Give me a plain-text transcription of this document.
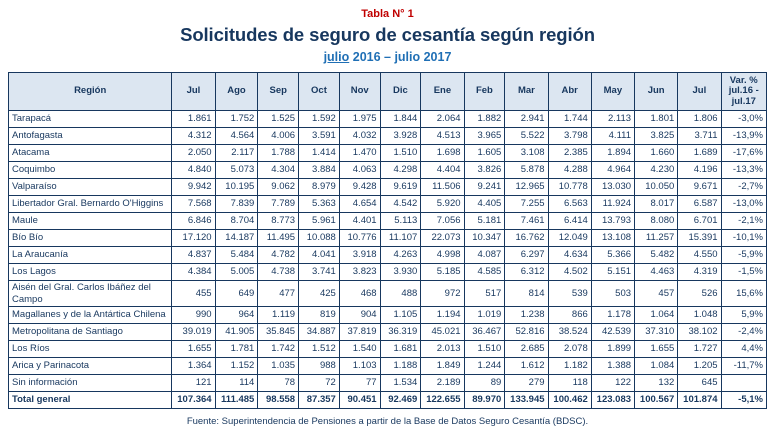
Tabla N° 1
Solicitudes de seguro de cesantía según región
julio 2016 – julio 2017
Región	Jul	Ago	Sep	Oct	Nov	Dic	Ene	Feb	Mar	Abr	May	Jun	Jul	Var. %
jul.16 -
jul.17
Tarapacá	1.861	1.752	1.525	1.592	1.975	1.844	2.064	1.882	2.941	1.744	2.113	1.801	1.806	-3,0%
Antofagasta	4.312	4.564	4.006	3.591	4.032	3.928	4.513	3.965	5.522	3.798	4.111	3.825	3.711	-13,9%
Atacama	2.050	2.117	1.788	1.414	1.470	1.510	1.698	1.605	3.108	2.385	1.894	1.660	1.689	-17,6%
Coquimbo	4.840	5.073	4.304	3.884	4.063	4.298	4.404	3.826	5.878	4.288	4.964	4.230	4.196	-13,3%
Valparaíso	9.942	10.195	9.062	8.979	9.428	9.619	11.506	9.241	12.965	10.778	13.030	10.050	9.671	-2,7%
Libertador Gral. Bernardo O'Higgins	7.568	7.839	7.789	5.363	4.654	4.542	5.920	4.405	7.255	6.563	11.924	8.017	6.587	-13,0%
Maule	6.846	8.704	8.773	5.961	4.401	5.113	7.056	5.181	7.461	6.414	13.793	8.080	6.701	-2,1%
Bío Bío	17.120	14.187	11.495	10.088	10.776	11.107	22.073	10.347	16.762	12.049	13.108	11.257	15.391	-10,1%
La Araucanía	4.837	5.484	4.782	4.041	3.918	4.263	4.998	4.087	6.297	4.634	5.366	5.482	4.550	-5,9%
Los Lagos	4.384	5.005	4.738	3.741	3.823	3.930	5.185	4.585	6.312	4.502	5.151	4.463	4.319	-1,5%
Aisén del Gral. Carlos Ibáñez del Campo	455	649	477	425	468	488	972	517	814	539	503	457	526	15,6%
Magallanes y de la Antártica Chilena	990	964	1.119	819	904	1.105	1.194	1.019	1.238	866	1.178	1.064	1.048	5,9%
Metropolitana de Santiago	39.019	41.905	35.845	34.887	37.819	36.319	45.021	36.467	52.816	38.524	42.539	37.310	38.102	-2,4%
Los Ríos	1.655	1.781	1.742	1.512	1.540	1.681	2.013	1.510	2.685	2.078	1.899	1.655	1.727	4,4%
Arica y Parinacota	1.364	1.152	1.035	988	1.103	1.188	1.849	1.244	1.612	1.182	1.388	1.084	1.205	-11,7%
Sin información	121	114	78	72	77	1.534	2.189	89	279	118	122	132	645	
Total general	107.364	111.485	98.558	87.357	90.451	92.469	122.655	89.970	133.945	100.462	123.083	100.567	101.874	-5,1%
Fuente: Superintendencia de Pensiones a partir de la Base de Datos Seguro Cesantía (BDSC).
